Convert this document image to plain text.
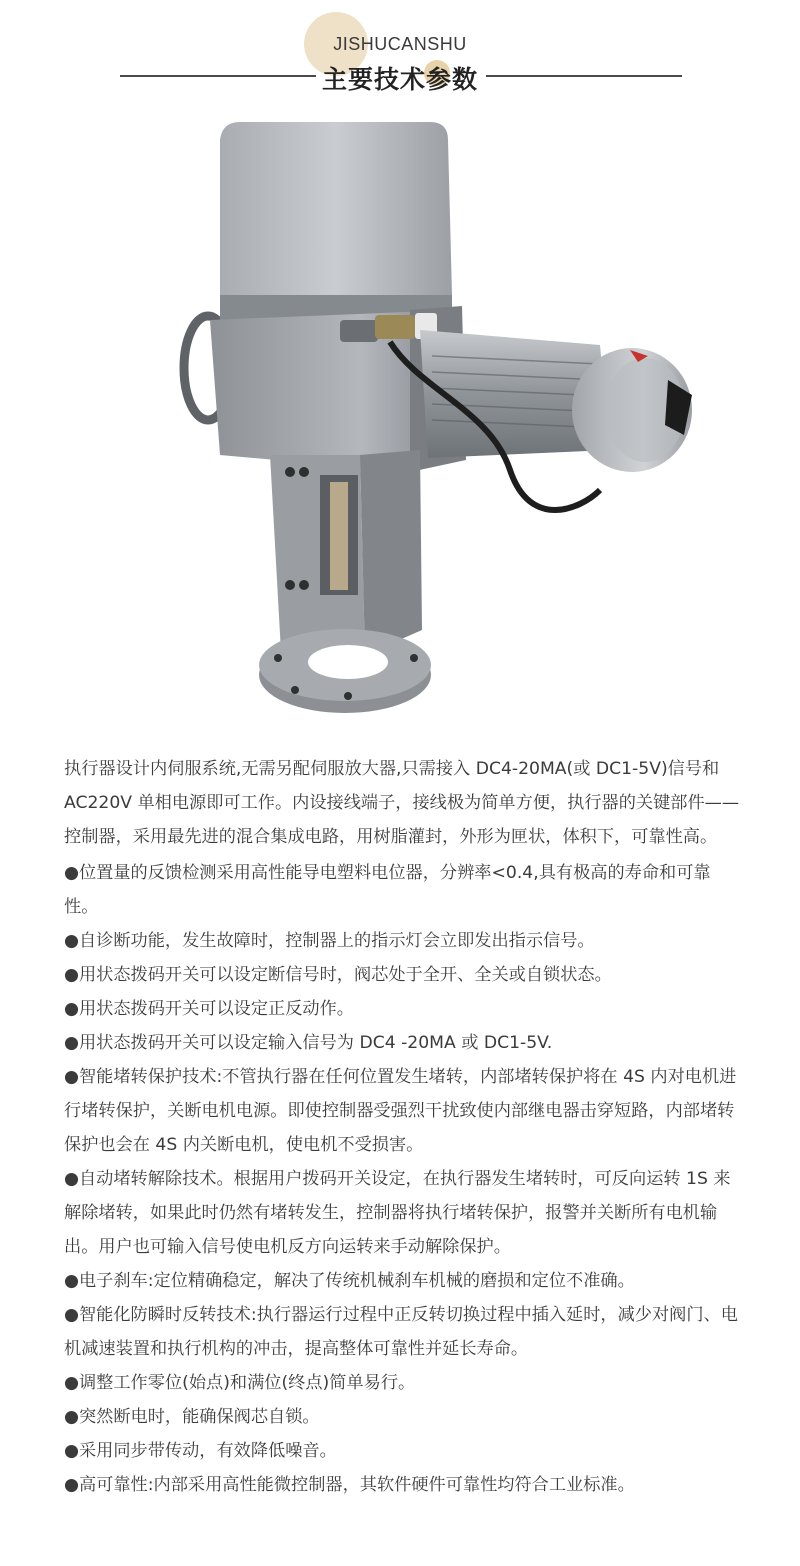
JISHUCANSHU
主要技术参数

执行器设计内伺服系统,无需另配伺服放大器,只需接入 DC4-20MA(或 DC1-5V)信号和 AC220V 单相电源即可工作。内设接线端子，接线极为简单方便，执行器的关键部件——控制器，采用最先进的混合集成电路，用树脂灌封，外形为匣状，体积下，可靠性高。

●位置量的反馈检测采用高性能导电塑料电位器，分辨率<0.4,具有极高的寿命和可靠性。

●自诊断功能，发生故障时，控制器上的指示灯会立即发出指示信号。

●用状态拨码开关可以设定断信号时，阀芯处于全开、全关或自锁状态。

●用状态拨码开关可以设定正反动作。

●用状态拨码开关可以设定输入信号为 DC4 -20MA 或 DC1-5V.

●智能堵转保护技术:不管执行器在任何位置发生堵转，内部堵转保护将在 4S 内对电机进行堵转保护，关断电机电源。即使控制器受强烈干扰致使内部继电器击穿短路，内部堵转保护也会在 4S 内关断电机，使电机不受损害。

●自动堵转解除技术。根据用户拨码开关设定，在执行器发生堵转时，可反向运转 1S 来解除堵转，如果此时仍然有堵转发生，控制器将执行堵转保护，报警并关断所有电机输出。用户也可输入信号使电机反方向运转来手动解除保护。

●电子刹车:定位精确稳定，解决了传统机械刹车机械的磨损和定位不准确。

●智能化防瞬时反转技术:执行器运行过程中正反转切换过程中插入延时，减少对阀门、电机减速装置和执行机构的冲击，提高整体可靠性并延长寿命。

●调整工作零位(始点)和满位(终点)简单易行。

●突然断电时，能确保阀芯自锁。

●采用同步带传动，有效降低噪音。

●高可靠性:内部采用高性能微控制器，其软件硬件可靠性均符合工业标准。
